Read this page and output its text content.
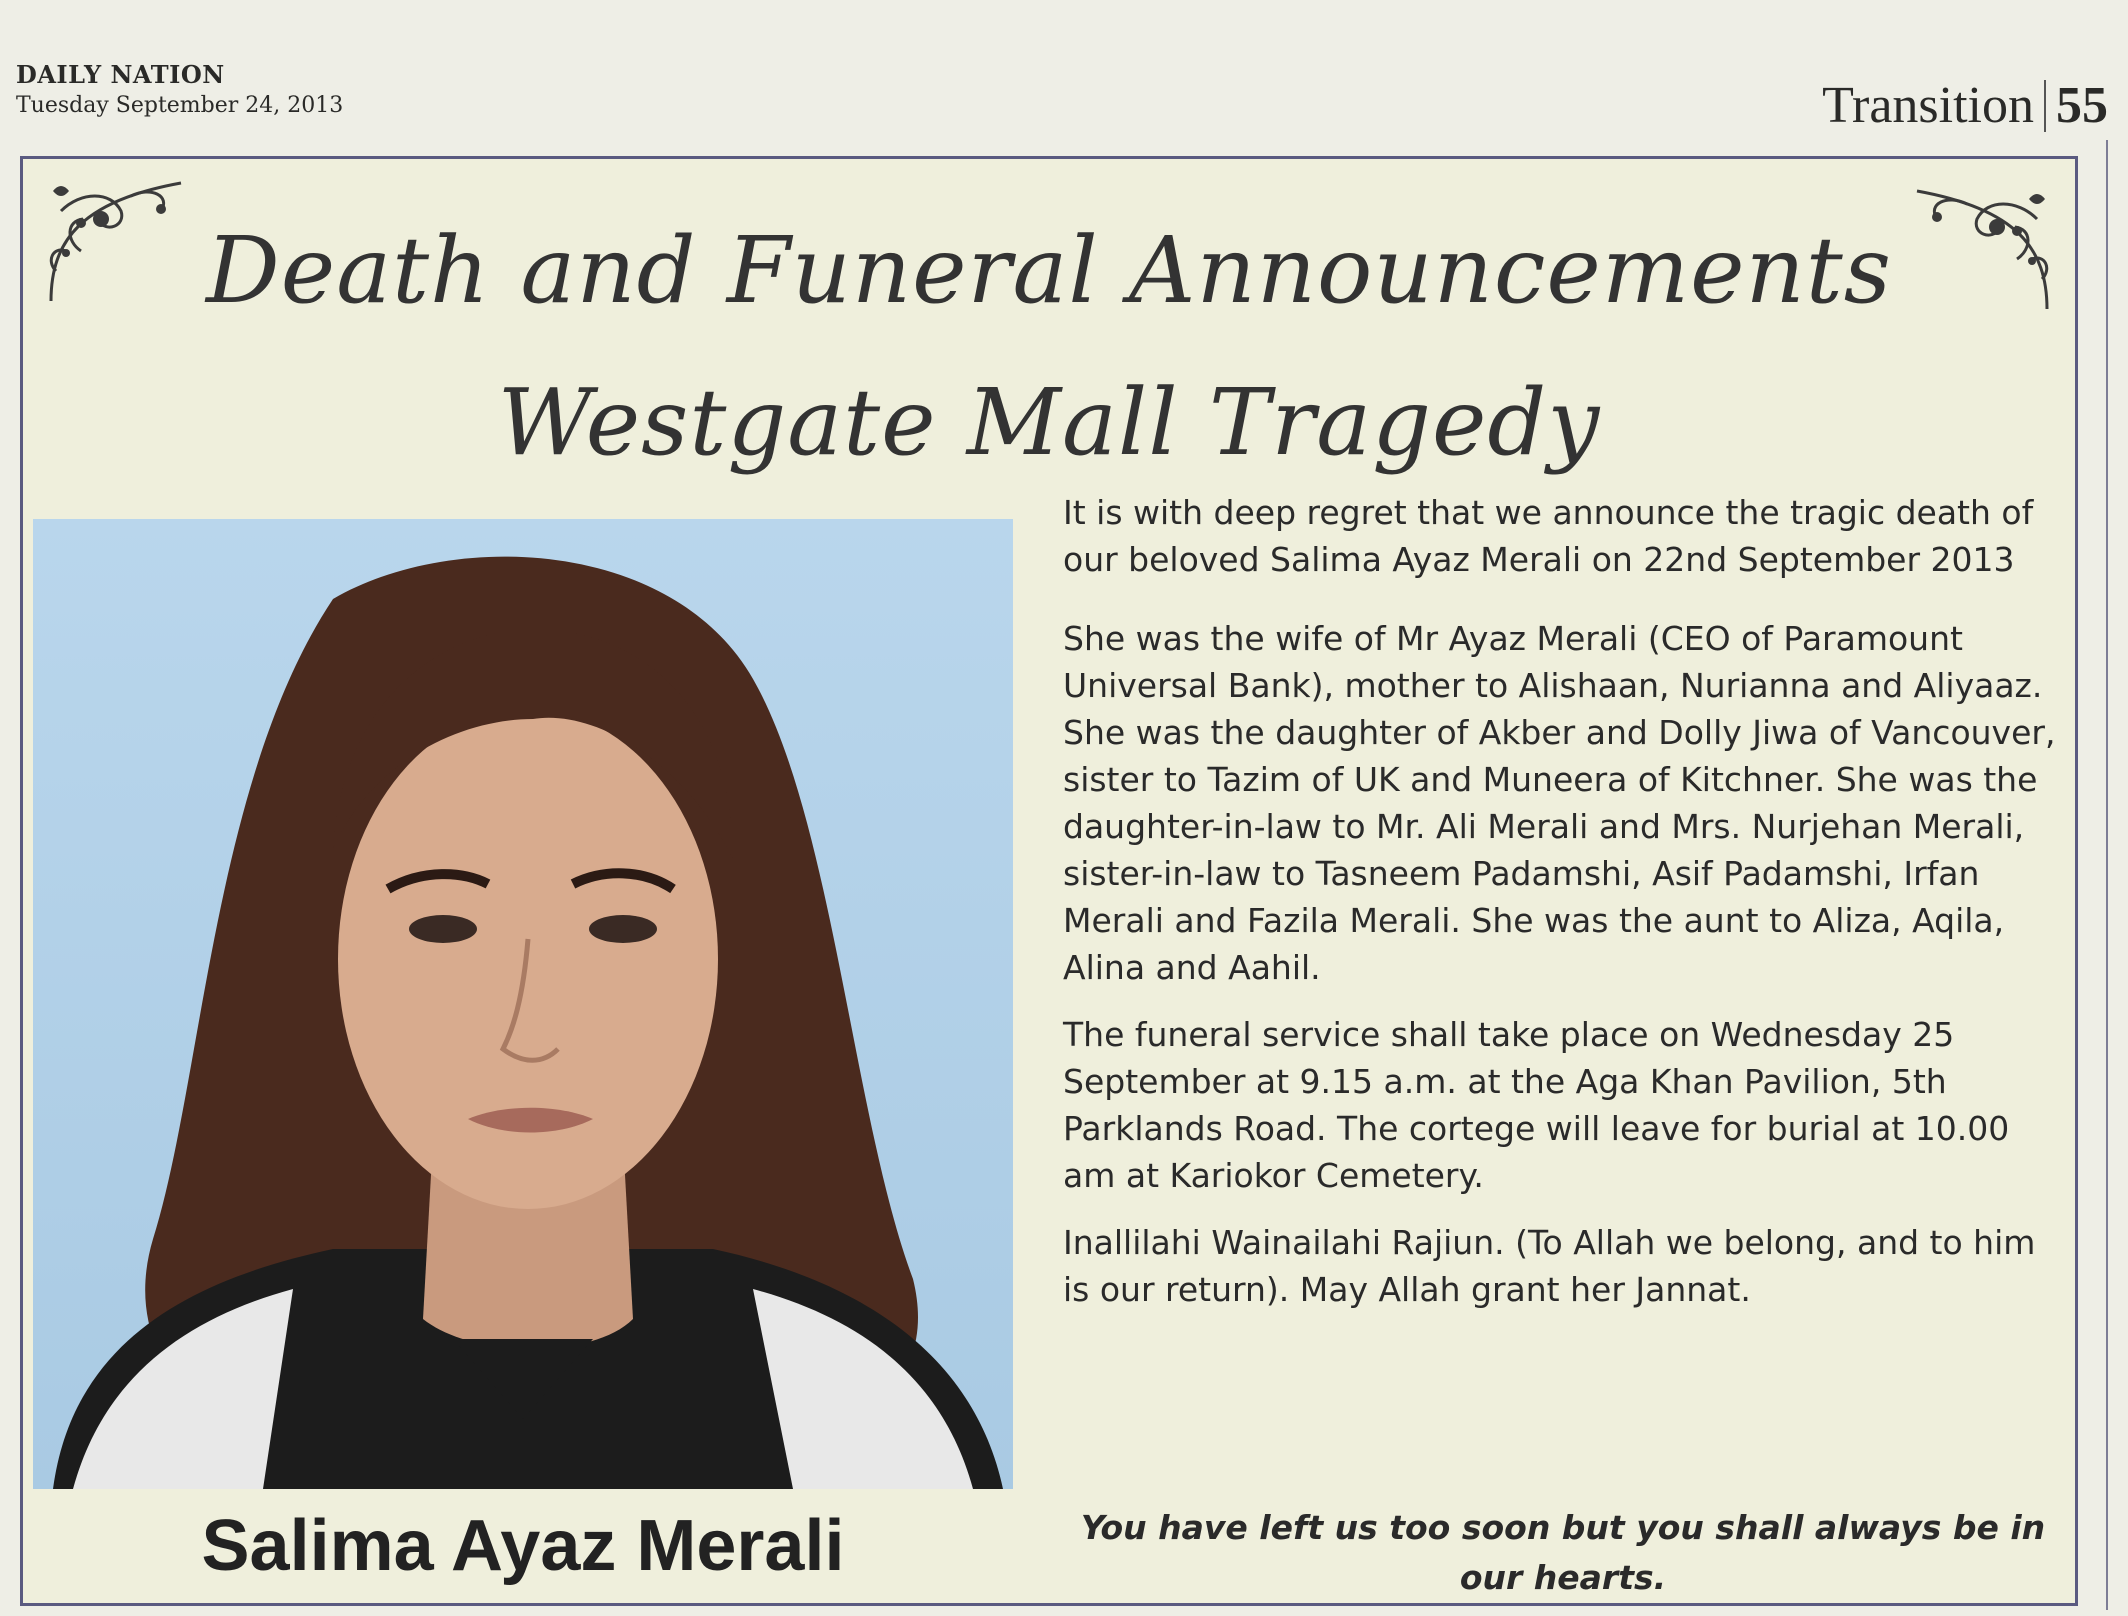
DAILY NATION
Tuesday September 24, 2013	Transition 55
Death and Funeral Announcements
Westgate Mall Tragedy
Salima Ayaz Merali

It is with deep regret that we announce the tragic death of our beloved Salima Ayaz Merali on 22nd September 2013

She was the wife of Mr Ayaz Merali (CEO of Paramount Universal Bank), mother to Alishaan, Nurianna and Aliyaaz. She was the daughter of Akber and Dolly Jiwa of Vancouver, sister to Tazim of UK and Muneera of Kitchner. She was the daughter-in-law to Mr. Ali Merali and Mrs. Nurjehan Merali, sister-in-law to Tasneem Padamshi, Asif Padamshi, Irfan Merali and Fazila Merali. She was the aunt to Aliza, Aqila, Alina and Aahil.

The funeral service shall take place on Wednesday 25 September at 9.15 a.m. at the Aga Khan Pavilion, 5th Parklands Road. The cortege will leave for burial at 10.00 am at Kariokor Cemetery.

Inallilahi Wainailahi Rajiun. (To Allah we belong, and to him is our return). May Allah grant her Jannat.

You have left us too soon but you shall always be in our hearts.
